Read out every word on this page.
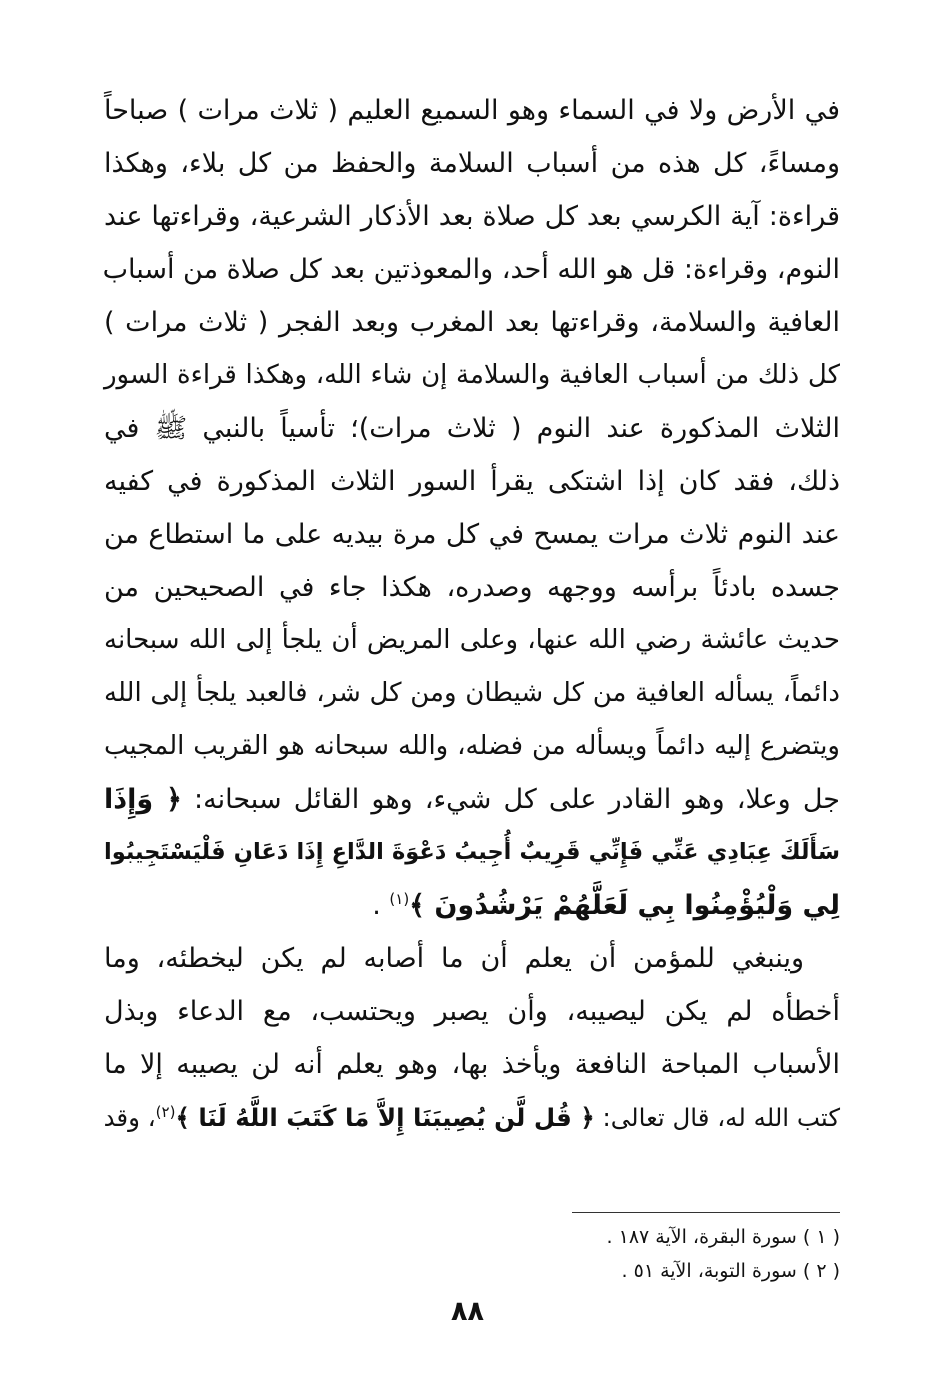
في الأرض ولا في السماء وهو السميع العليم ( ثلاث مرات ) صباحاً
ومساءً، كل هذه من أسباب السلامة والحفظ من كل بلاء، وهكذا
قراءة: آية الكرسي بعد كل صلاة بعد الأذكار الشرعية، وقراءتها عند
النوم، وقراءة: قل هو الله أحد، والمعوذتين بعد كل صلاة من أسباب
العافية والسلامة، وقراءتها بعد المغرب وبعد الفجر ( ثلاث مرات )
كل ذلك من أسباب العافية والسلامة إن شاء الله، وهكذا قراءة السور
الثلاث المذكورة عند النوم ( ثلاث مرات)؛ تأسياً بالنبي ﷺ في
ذلك، فقد كان إذا اشتكى يقرأ السور الثلاث المذكورة في كفيه
عند النوم ثلاث مرات يمسح في كل مرة بيديه على ما استطاع من
جسده بادئاً برأسه ووجهه وصدره، هكذا جاء في الصحيحين من
حديث عائشة رضي الله عنها، وعلى المريض أن يلجأ إلى الله سبحانه
دائماً، يسأله العافية من كل شيطان ومن كل شر، فالعبد يلجأ إلى الله
ويتضرع إليه دائماً ويسأله من فضله، والله سبحانه هو القريب المجيب
جل وعلا، وهو القادر على كل شيء، وهو القائل سبحانه: ﴿ وَإِذَا
سَأَلَكَ عِبَادِي عَنِّي فَإِنِّي قَرِيبٌ أُجِيبُ دَعْوَةَ الدَّاعِ إِذَا دَعَانِ فَلْيَسْتَجِيبُوا
لِي وَلْيُؤْمِنُوا بِي لَعَلَّهُمْ يَرْشُدُونَ ﴾$^{(١)}$ .
وينبغي للمؤمن أن يعلم أن ما أصابه لم يكن ليخطئه، وما
أخطأه لم يكن ليصيبه، وأن يصبر ويحتسب، مع الدعاء وبذل
الأسباب المباحة النافعة ويأخذ بها، وهو يعلم أنه لن يصيبه إلا ما
كتب الله له، قال تعالى: ﴿ قُل لَّن يُصِيبَنَا إِلاَّ مَا كَتَبَ اللَّهُ لَنَا ﴾$^{(٢)}$، وقد
( ١ ) سورة البقرة، الآية ١٨٧ .
( ٢ ) سورة التوبة، الآية ٥١ .
٨٨
